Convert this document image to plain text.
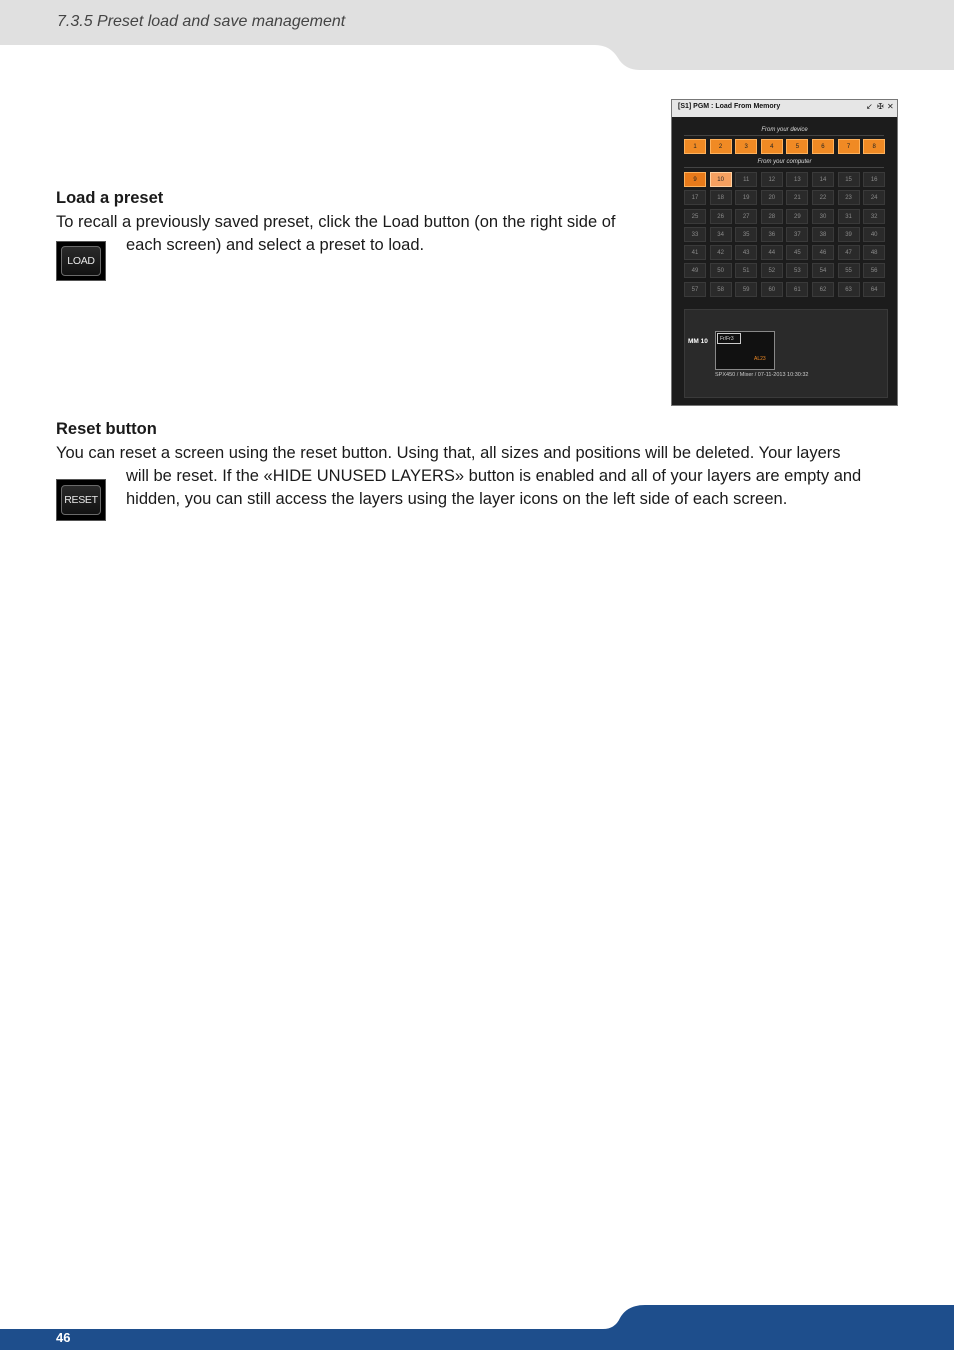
7.3.5 Preset load and save management
Load a preset
To recall a previously saved preset, click the Load button (on the right side of
each screen) and select a preset to load.
LOAD
[S1] PGM : Load From Memory	↙ ✠ ✕
From your device
1	2	3	4	5	6	7	8
From your computer
9	10	11	12	13	14	15	16
17	18	19	20	21	22	23	24
25	26	27	28	29	30	31	32
33	34	35	36	37	38	39	40
41	42	43	44	45	46	47	48
49	50	51	52	53	54	55	56
57	58	59	60	61	62	63	64
MM 10	Fr/Fr3
AL23
SPX450 / Mixer / 07-11-2013 10:30:32
Reset button
You can reset a screen using the reset button. Using that, all sizes and positions will be deleted. Your layers
will be reset. If the «HIDE UNUSED LAYERS» button is enabled and all of your layers are empty and
hidden, you can still access the layers using the layer icons on the left side of each screen.
RESET
46
